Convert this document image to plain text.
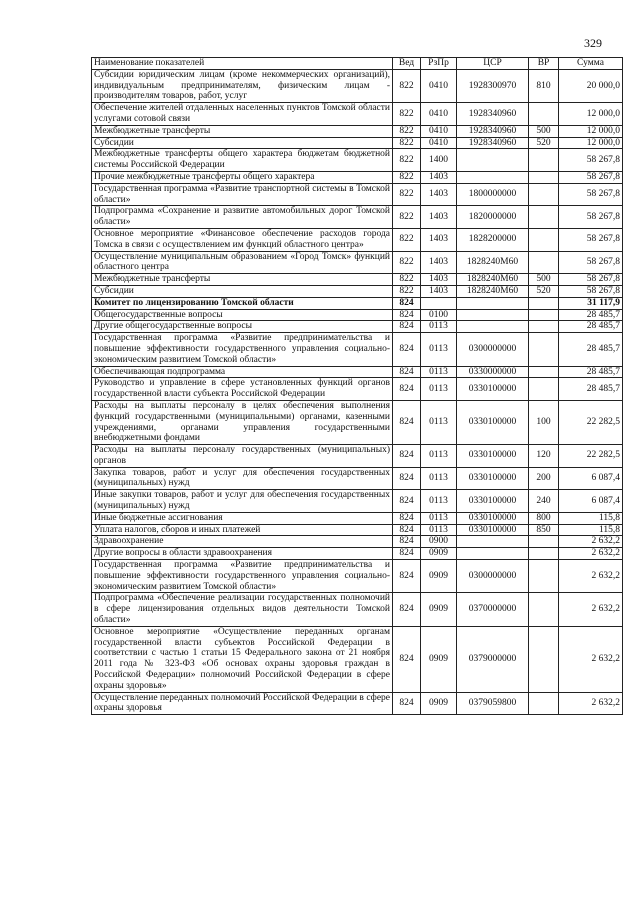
329
Наименование показателей	Вед	РзПр	ЦСР	ВР	Сумма
Субсидии юридическим лицам (кроме некоммерческих организаций), индивидуальным предпринимателям, физическим лицам - производителям товаров, работ, услуг	822	0410	1928300970	810	20 000,0
Обеспечение жителей отдаленных населенных пунктов Томской области услугами сотовой связи	822	0410	1928340960		12 000,0
Межбюджетные трансферты	822	0410	1928340960	500	12 000,0
Субсидии	822	0410	1928340960	520	12 000,0
Межбюджетные трансферты общего характера бюджетам бюджетной системы Российской Федерации	822	1400			58 267,8
Прочие межбюджетные трансферты общего характера	822	1403			58 267,8
Государственная программа «Развитие транспортной системы в Томской области»	822	1403	1800000000		58 267,8
Подпрограмма «Сохранение и развитие автомобильных дорог Томской области»	822	1403	1820000000		58 267,8
Основное мероприятие «Финансовое обеспечение расходов города Томска в связи с осуществлением им функций областного центра»	822	1403	1828200000		58 267,8
Осуществление муниципальным образованием «Город Томск» функций областного центра	822	1403	1828240М60		58 267,8
Межбюджетные трансферты	822	1403	1828240М60	500	58 267,8
Субсидии	822	1403	1828240М60	520	58 267,8
Комитет по лицензированию Томской области	824				31 117,9
Общегосударственные вопросы	824	0100			28 485,7
Другие общегосударственные вопросы	824	0113			28 485,7
Государственная программа «Развитие предпринимательства и повышение эффективности государственного управления социально-экономическим развитием Томской области»	824	0113	0300000000		28 485,7
Обеспечивающая подпрограмма	824	0113	0330000000		28 485,7
Руководство и управление в сфере установленных функций органов государственной власти субъекта Российской Федерации	824	0113	0330100000		28 485,7
Расходы на выплаты персоналу в целях обеспечения выполнения функций государственными (муниципальными) органами, казенными учреждениями, органами управления государственными внебюджетными фондами	824	0113	0330100000	100	22 282,5
Расходы на выплаты персоналу государственных (муниципальных) органов	824	0113	0330100000	120	22 282,5
Закупка товаров, работ и услуг для обеспечения государственных (муниципальных) нужд	824	0113	0330100000	200	6 087,4
Иные закупки товаров, работ и услуг для обеспечения государственных (муниципальных) нужд	824	0113	0330100000	240	6 087,4
Иные бюджетные ассигнования	824	0113	0330100000	800	115,8
Уплата налогов, сборов и иных платежей	824	0113	0330100000	850	115,8
Здравоохранение	824	0900			2 632,2
Другие вопросы в области здравоохранения	824	0909			2 632,2
Государственная программа «Развитие предпринимательства и повышение эффективности государственного управления социально-экономическим развитием Томской области»	824	0909	0300000000		2 632,2
Подпрограмма «Обеспечение реализации государственных полномочий в сфере лицензирования отдельных видов деятельности Томской области»	824	0909	0370000000		2 632,2
Основное мероприятие «Осуществление переданных органам государственной власти субъектов Российской Федерации в соответствии с частью 1 статьи 15 Федерального закона от 21 ноября 2011 года № 323-ФЗ «Об основах охраны здоровья граждан в Российской Федерации» полномочий Российской Федерации в сфере охраны здоровья»	824	0909	0379000000		2 632,2
Осуществление переданных полномочий Российской Федерации в сфере охраны здоровья	824	0909	0379059800		2 632,2
